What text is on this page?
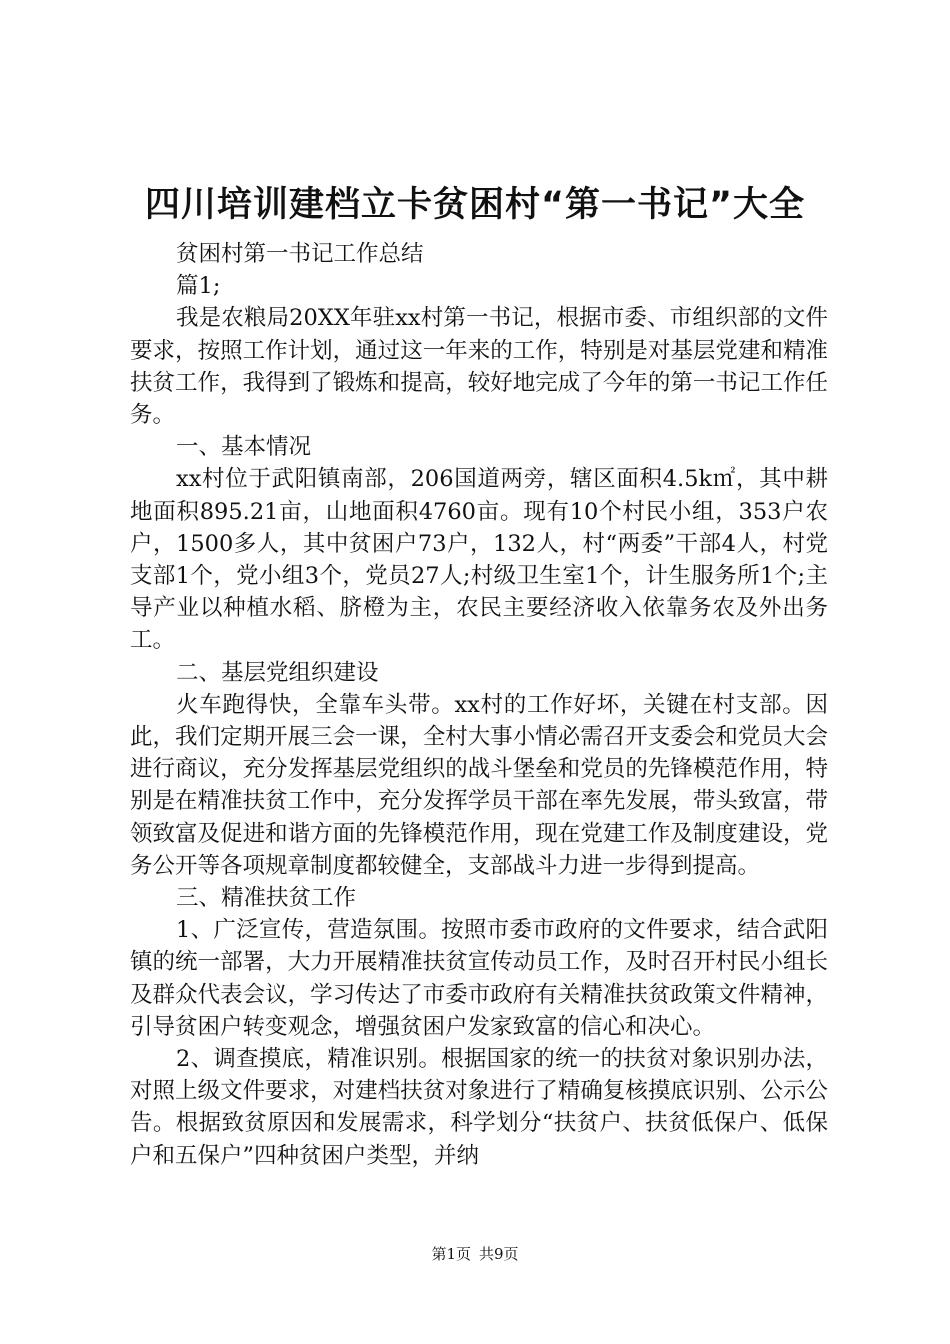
四川培训建档立卡贫困村“第一书记”大全

贫困村第一书记工作总结

篇1;

我是农粮局20XX年驻xx村第一书记，根据市委、市组织部的文件要求，按照工作计划，通过这一年来的工作，特别是对基层党建和精准扶贫工作，我得到了锻炼和提高，较好地完成了今年的第一书记工作任务。

一、基本情况

xx村位于武阳镇南部，206国道两旁，辖区面积4.5k㎡，其中耕地面积895.21亩，山地面积4760亩。现有10个村民小组，353户农户，1500多人，其中贫困户73户，132人，村“两委”干部4人，村党支部1个，党小组3个，党员27人;村级卫生室1个，计生服务所1个;主导产业以种植水稻、脐橙为主，农民主要经济收入依靠务农及外出务工。

二、基层党组织建设

火车跑得快，全靠车头带。xx村的工作好坏，关键在村支部。因此，我们定期开展三会一课，全村大事小情必需召开支委会和党员大会进行商议，充分发挥基层党组织的战斗堡垒和党员的先锋模范作用，特别是在精准扶贫工作中，充分发挥学员干部在率先发展，带头致富，带领致富及促进和谐方面的先锋模范作用，现在党建工作及制度建设，党务公开等各项规章制度都较健全，支部战斗力进一步得到提高。

三、精准扶贫工作

1、广泛宣传，营造氛围。按照市委市政府的文件要求，结合武阳镇的统一部署，大力开展精准扶贫宣传动员工作，及时召开村民小组长及群众代表会议，学习传达了市委市政府有关精准扶贫政策文件精神，引导贫困户转变观念，增强贫困户发家致富的信心和决心。

2、调查摸底，精准识别。根据国家的统一的扶贫对象识别办法，对照上级文件要求，对建档扶贫对象进行了精确复核摸底识别、公示公告。根据致贫原因和发展需求，科学划分“扶贫户、扶贫低保户、低保户和五保户”四种贫困户类型，并纳

第1页 共9页
